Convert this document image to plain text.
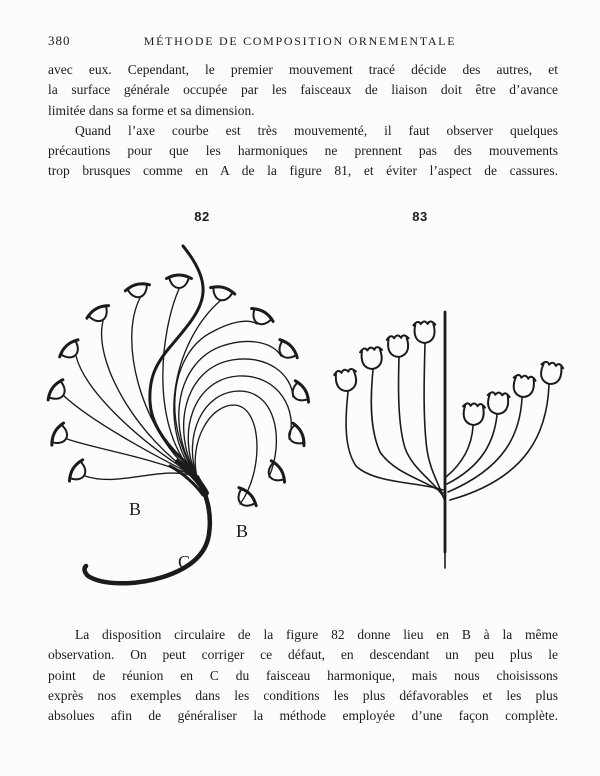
380	MÉTHODE DE COMPOSITION ORNEMENTALE
avec eux. Cependant, le premier mouvement tracé décide des autres, et
la surface générale occupée par les faisceaux de liaison doit être d’avance
limitée dans sa forme et sa dimension.
Quand l’axe courbe est très mouvementé, il faut observer quelques
précautions pour que les harmoniques ne prennent pas des mouvements
trop brusques comme en A de la figure 81, et éviter l’aspect de cassures.
82	83
B
B
C
La disposition circulaire de la figure 82 donne lieu en B à la même
observation. On peut corriger ce défaut, en descendant un peu plus le
point de réunion en C du faisceau harmonique, mais nous choisissons
exprès nos exemples dans les conditions les plus défavorables et les plus
absolues afin de généraliser la méthode employée d’une façon complète.
